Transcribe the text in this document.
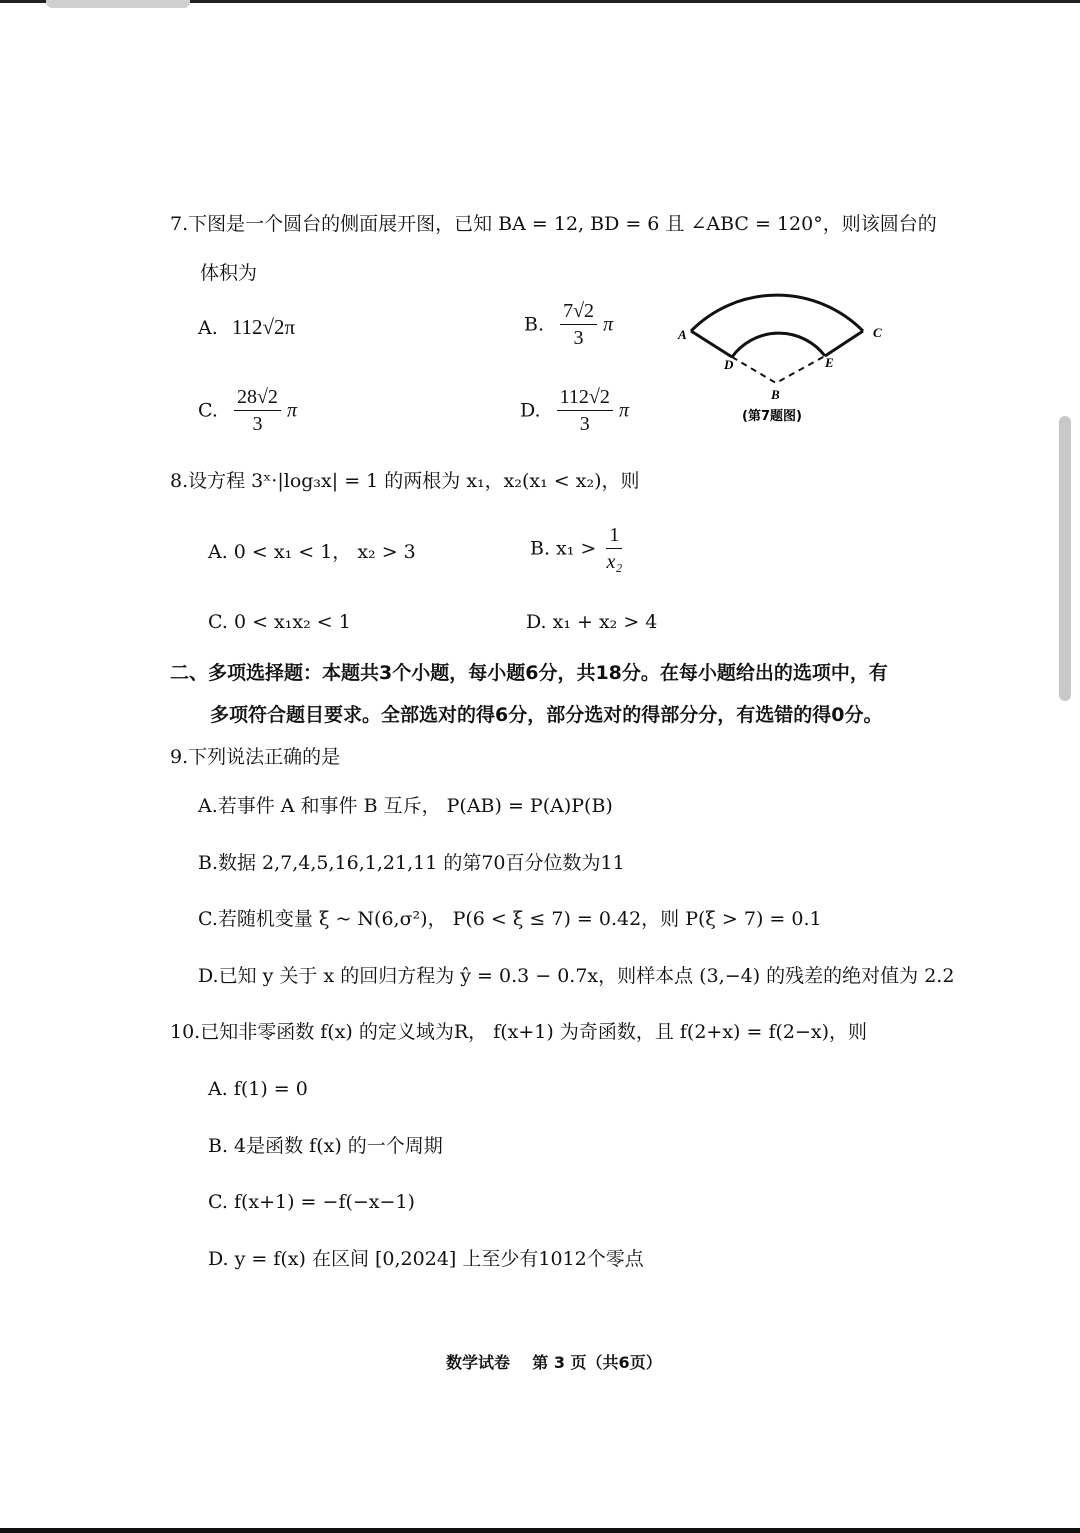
7.下图是一个圆台的侧面展开图，已知 BA = 12, BD = 6 且 ∠ABC = 120°，则该圆台的
体积为
A. 112√2π	B. $\frac{7√2}{3}$ π
C. $\frac{28√2}{3}$ π	D. $\frac{112√2}{3}$ π
A	C
D	E
B
(第7题图)
8.设方程 3ˣ·|log₃x| = 1 的两根为 x₁，x₂(x₁ < x₂)，则
A. 0 < x₁ < 1， x₂ > 3	B. $x_1 > \frac{1}{\text{x₂}}$
C. 0 < x₁x₂ < 1	D. x₁ + x₂ > 4
二、多项选择题：本题共3个小题，每小题6分，共18分。在每小题给出的选项中，有
多项符合题目要求。全部选对的得6分，部分选对的得部分分，有选错的得0分。
9.下列说法正确的是
A.若事件 A 和事件 B 互斥， P(AB) = P(A)P(B)
B.数据 2,7,4,5,16,1,21,11 的第70百分位数为11
C.若随机变量 ξ ~ N(6,σ²)， P(6 < ξ ≤ 7) = 0.42，则 P(ξ > 7) = 0.1
D.已知 y 关于 x 的回归方程为 ŷ = 0.3 − 0.7x，则样本点 (3,−4) 的残差的绝对值为 2.2
10.已知非零函数 f(x) 的定义域为R， f(x+1) 为奇函数，且 f(2+x) = f(2−x)，则
A. f(1) = 0
B. 4是函数 f(x) 的一个周期
C. f(x+1) = −f(−x−1)
D. y = f(x) 在区间 [0,2024] 上至少有1012个零点
数学试卷    第 3 页（共6页）
